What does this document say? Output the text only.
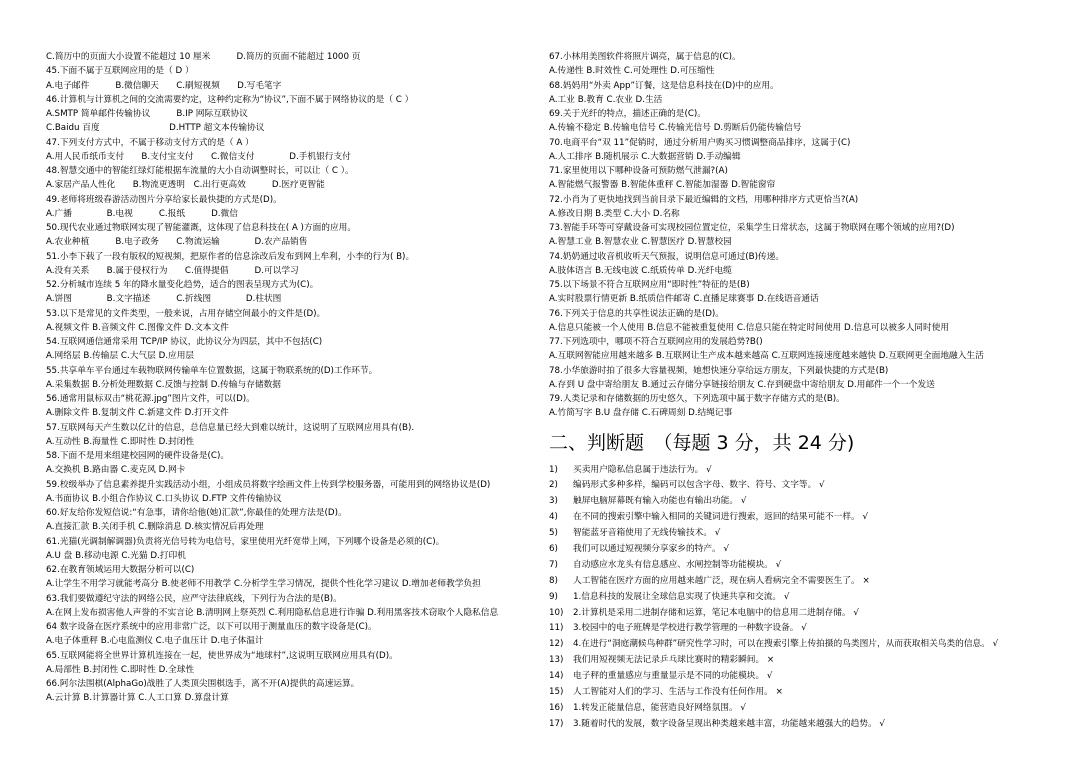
C.简历中的页面大小设置不能超过 10 厘米　　　D.简历的页面不能超过 1000 页
45.下面不属于互联网应用的是（ D ）
A.电子邮件　　　B.微信聊天　　C.刷短视频　　D.写毛笔字
46.计算机与计算机之间的交流需要约定，这种约定称为“协议”,下面不属于网络协议的是（ C ）
A.SMTP 简单邮件传输协议　　　B.IP 网际互联协议
C.Baidu 百度　　　　　　　　D.HTTP 超文本传输协议
47.下列支付方式中，不属于移动支付方式的是（ A ）
A.用人民币纸币支付　　B.支付宝支付　　C.微信支付　　　　D.手机银行支付
48.智慧交通中的智能红绿灯能根据车流量的大小自动调整时长，可以让（ C ）。
A.家居产品人性化　　B.物流更透明　C.出行更高效　　　D.医疗更智能
49.老师将班级春游活动图片分享给家长最快捷的方式是(D)。
A.广播　　　　B.电视　　　C.报纸　　　D.微信
50.现代农业通过物联网实现了智能灌溉，这体现了信息科技在( A )方面的应用。
A.农业种植　　　B.电子政务　　C.物流运输　　　　D.农产品销售
51.小李下载了一段有版权的短视频，把原作者的信息涂改后发布到网上牟利，小李的行为( B)。
A.没有关系　　B.属于侵权行为　　C.值得提倡　　　D.可以学习
52.分析城市连续 5 年的降水量变化趋势，适合的图表呈现方式为(C)。
A.饼图　　　　B.文字描述　　　C.折线图　　　　D.柱状图
53.以下是常见的文件类型，一般来说，占用存储空间最小的文件是(D)。
A.视频文件 B.音频文件 C.图像文件 D.文本文件
54.互联网通信通常采用 TCP/IP 协议，此协议分为四层，其中不包括(C)
A.网络层 B.传输层 C.大气层 D.应用层
55.共享单车平台通过车载物联网传输单车位置数据，这属于物联系统的(D)工作环节。
A.采集数据 B.分析处理数据 C.反馈与控制 D.传输与存储数据
56.通常用鼠标双击“桃花源.jpg”图片文件，可以(D)。
A.删除文件 B.复制文件 C.新建文件 D.打开文件
57.互联网每天产生数以亿计的信息，总信息量已经大到难以统计，这说明了互联网应用具有(B).
A.互动性 B.海量性 C.即时性 D.封闭性
58.下面不是用来组建校园网的硬件设备是(C)。
A.交换机 B.路由器 C.麦克风 D.网卡
59.校级举办了信息素养提升实践活动小组，小组成员将数字绘画文件上传到学校服务器，可能用到的网络协议是(D)
A.书面协议 B.小组合作协议 C.口头协议 D.FTP 文件传输协议
60.好友给你发短信说:“有急事，请你给他(她)汇款”,你最佳的处理方法是(D)。
A.直接汇款 B.关闭手机 C.删除消息 D.核实情况后再处理
61.光猫(光调制解调器)负责将光信号转为电信号，家里使用光纤宽带上网，下列哪个设备是必须的(C)。
A.U 盘 B.移动电源 C.光猫 D.打印机
62.在教育领域运用大数据分析可以(C)
A.让学生不用学习就能考高分 B.使老师不用教学 C.分析学生学习情况，提供个性化学习建议 D.增加老师教学负担
63.我们要做遵纪守法的网络公民，应严守法律底线，下列行为合法的是(B)。
A.在网上发布损害他人声誉的不实言论 B.清明网上祭英烈 C.利用隐私信息进行诈骗 D.利用黑客技术窃取个人隐私信息
64 数字设备在医疗系统中的应用非常广泛，以下可以用于测量血压的数字设备是(C)。
A.电子体重秤 B.心电监测仪 C.电子血压计 D.电子体温计
65.互联网能将全世界计算机连接在一起，使世界成为“地球村”,这说明互联网应用具有(D)。
A.局部性 B.封闭性 C.即时性 D.全球性
66.阿尔法围棋(AlphaGo)战胜了人类顶尖围棋选手，离不开(A)提供的高速运算。
A.云计算 B.计算器计算 C.人工口算 D.算盘计算
67.小林用美图软件将照片调亮，属于信息的(C)。
A.传递性 B.时效性 C.可处理性 D.可压缩性
68.妈妈用“外卖 App”订餐，这是信息科技在(D)中的应用。
A.工业 B.教育 C.农业 D.生活
69.关于光纤的特点，描述正确的是(C)。
A.传输不稳定 B.传输电信号 C.传输光信号 D.剪断后仍能传输信号
70.电商平台“双 11”促销时，通过分析用户购买习惯调整商品排序，这属于(C)
A.人工排序 B.随机展示 C.大数据营销 D.手动编辑
71.家里使用以下哪种设备可预防燃气泄漏?(A)
A.智能燃气报警器 B.智能体重秤 C.智能加湿器 D.智能窗帘
72.小肖为了更快地找到当前目录下最近编辑的文档，用哪种排序方式更恰当?(A)
A.修改日期 B.类型 C.大小 D.名称
73.智能手环等可穿戴设备可实现校园位置定位，采集学生日常状态，这属于物联网在哪个领域的应用?(D)
A.智慧工业 B.智慧农业 C.智慧医疗 D.智慧校园
74.奶奶通过收音机收听天气预报，说明信息可通过(B)传递。
A.肢体语言 B.无线电波 C.纸质传单 D.光纤电缆
75.以下场景不符合互联网应用“即时性”特征的是(B)
A.实时股票行情更新 B.纸质信件邮寄 C.直播足球赛事 D.在线语音通话
76.下列关于信息的共享性说法正确的是(D)。
A.信息只能被一个人使用 B.信息不能被重复使用 C.信息只能在特定时间使用 D.信息可以被多人同时使用
77.下列选项中，哪项不符合互联网应用的发展趋势?B()
A.互联网智能应用越来越多 B.互联网让生产成本越来越高 C.互联网连接速度越来越快 D.互联网更全面地融入生活
78.小华旅游时拍了很多大容量视频，她想快速分享给远方朋友，下列最快捷的方式是(B)
A.存到 U 盘中寄给朋友 B.通过云存储分享链接给朋友 C.存到硬盘中寄给朋友 D.用邮件一个一个发送
79.人类记录和存储数据的历史悠久，下列选项中属于数字存储方式的是(B)。
A.竹简写字 B.U 盘存储 C.石碑周刻 D.结绳记事
二、判断题　（每题 3 分，共 24 分)
1)	买卖用户隐私信息属于违法行为。 √
2)	编码形式多种多样，编码可以包含字母、数字、符号、文字等。 √
3)	触屏电脑屏幕既有输入功能也有输出功能。 √
4)	在不同的搜索引擎中输入相同的关键词进行搜索，返回的结果可能不一样。 √
5)	智能蓝牙音箱使用了无线传输技术。 √
6)	我们可以通过短视频分享家乡的特产。 √
7)	自动感应水龙头有信息感应、水闸控制等功能模块。 √
8)	人工智能在医疗方面的应用越来越广泛，现在病人看病完全不需要医生了。 ×
9)	1.信息科技的发展让全球信息实现了快速共享和交流。 √
10)	2.计算机是采用二进制存储和运算，笔记本电脑中的信息用二进制存储。 √
11)	3.校园中的电子班牌是学校进行教学管理的一种数字设备。 √
12)	4.在进行“洞庭潮候鸟种群”研究性学习时，可以在搜索引擎上传拍摄的鸟类图片，从而获取相关鸟类的信息。 √
13)	我们用短视频无法记录乒乓球比赛时的精彩瞬间。 ×
14)	电子秤的重量感应与重量显示是不同的功能模块。 √
15)	人工智能对人们的学习、生活与工作没有任何作用。 ×
16)	1.转发正能量信息，能营造良好网络氛围。 √
17)	3.随着时代的发展，数字设备呈现出种类越来越丰富，功能越来越强大的趋势。 √
